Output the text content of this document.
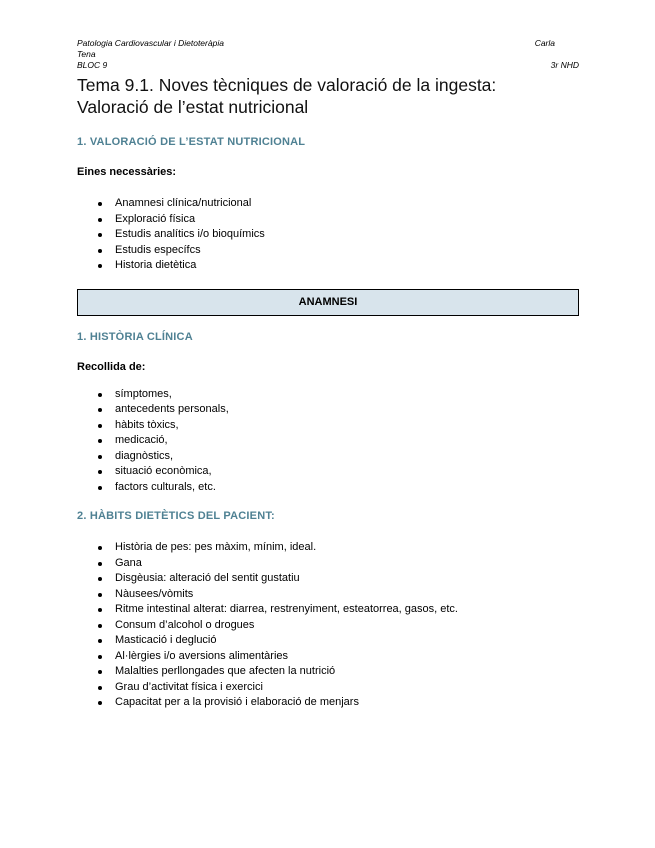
Patologia Cardiovascular i Dietoteràpia	Carla
Tena
BLOC 9	3r NHD
Tema 9.1. Noves tècniques de valoració de la ingesta:
Valoració de l’estat nutricional
1. VALORACIÓ DE L’ESTAT NUTRICIONAL
Eines necessàries:
Anamnesi clínica/nutricional
Exploració física
Estudis analítics i/o bioquímics
Estudis específcs
Historia dietètica
ANAMNESI
1. HISTÒRIA CLÍNICA
Recollida de:
símptomes,
antecedents personals,
hàbits tòxics,
medicació,
diagnòstics,
situació econòmica,
factors culturals, etc.
2. HÀBITS DIETÈTICS DEL PACIENT:
Història de pes: pes màxim, mínim, ideal.
Gana
Disgèusia: alteració del sentit gustatiu
Nàusees/vòmits
Ritme intestinal alterat: diarrea, restrenyiment, esteatorrea, gasos, etc.
Consum d’alcohol o drogues
Masticació i deglució
Al·lèrgies i/o aversions alimentàries
Malalties perllongades que afecten la nutrició
Grau d’activitat física i exercici
Capacitat per a la provisió i elaboració de menjars
